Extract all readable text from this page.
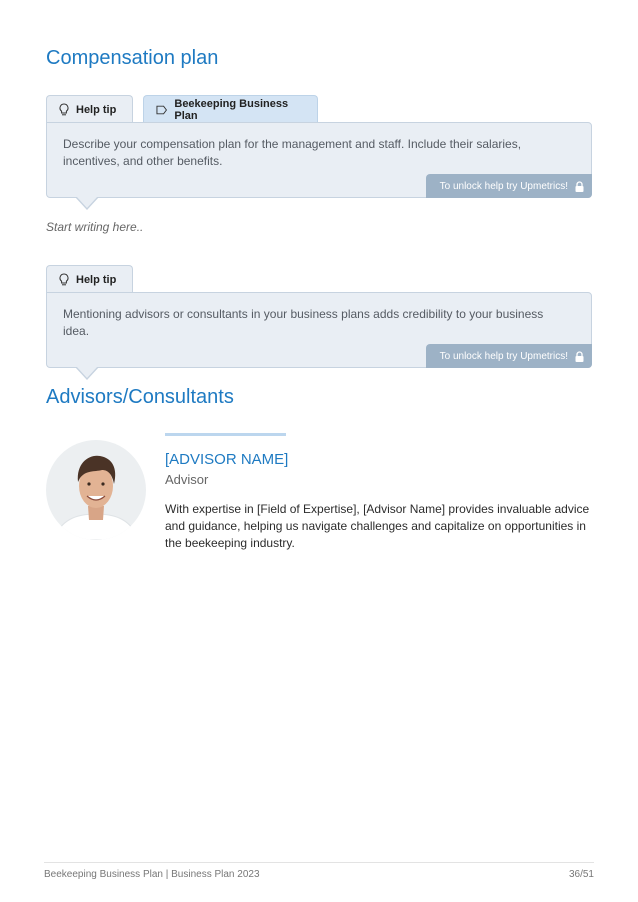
Compensation plan
Help tip	Beekeeping Business Plan

Describe your compensation plan for the management and staff. Include their salaries, incentives, and other benefits.

To unlock help try Upmetrics!
Start writing here..
Help tip

Mentioning advisors or consultants in your business plans adds credibility to your business idea.

To unlock help try Upmetrics!
Advisors/Consultants
[ADVISOR NAME]
Advisor

With expertise in [Field of Expertise], [Advisor Name] provides invaluable advice and guidance, helping us navigate challenges and capitalize on opportunities in the beekeeping industry.

Beekeeping Business Plan | Business Plan 2023	36/51
